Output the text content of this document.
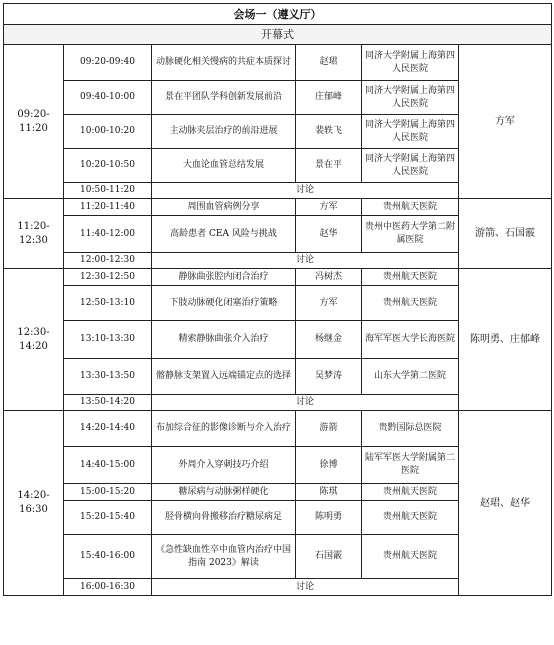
会场一（遵义厅）					
开幕式					
09:20-11:20	09:20-09:40	动脉硬化相关慢病的共症本质探讨	赵珺	同济大学附属上海第四人民医院	方军
	09:40-10:00	景在平团队学科创新发展前沿	庄郁峰	同济大学附属上海第四人民医院	
	10:00-10:20	主动脉夹层治疗的前沿进展	裴轶飞	同济大学附属上海第四人民医院	
	10:20-10:50	大血论血管总结发展	景在平	同济大学附属上海第四人民医院	
	10:50-11:20	讨论			
11:20-12:30	11:20-11:40	周围血管病例分享	方军	贵州航天医院	游箭、石国霰
	11:40-12:00	高龄患者 CEA 风险与挑战	赵华	贵州中医药大学第二附属医院	
	12:00-12:30	讨论			
12:30-14:20	12:30-12:50	静脉曲张腔内闭合治疗	冯树杰	贵州航天医院	陈明勇、庄郁峰
	12:50-13:10	下肢动脉硬化闭塞治疗策略	方军	贵州航天医院	
	13:10-13:30	精索静脉曲张介入治疗	杨继金	海军军医大学长海医院	
	13:30-13:50	髂静脉支架置入远端锚定点的选择	吴梦涛	山东大学第二医院	
	13:50-14:20	讨论			
14:20-16:30	14:20-14:40	布加综合征的影像诊断与介入治疗	游箭	贵黔国际总医院	赵珺、赵华
	14:40-15:00	外周介入穿刺技巧介绍	徐博	陆军军医大学附属第二医院	
	15:00-15:20	糖尿病与动脉粥样硬化	陈琪	贵州航天医院	
	15:20-15:40	胫骨横向骨搬移治疗糖尿病足	陈明勇	贵州航天医院	
	15:40-16:00	《急性缺血性卒中血管内治疗中国指南 2023》解读	石国霰	贵州航天医院	
	16:00-16:30	讨论			
